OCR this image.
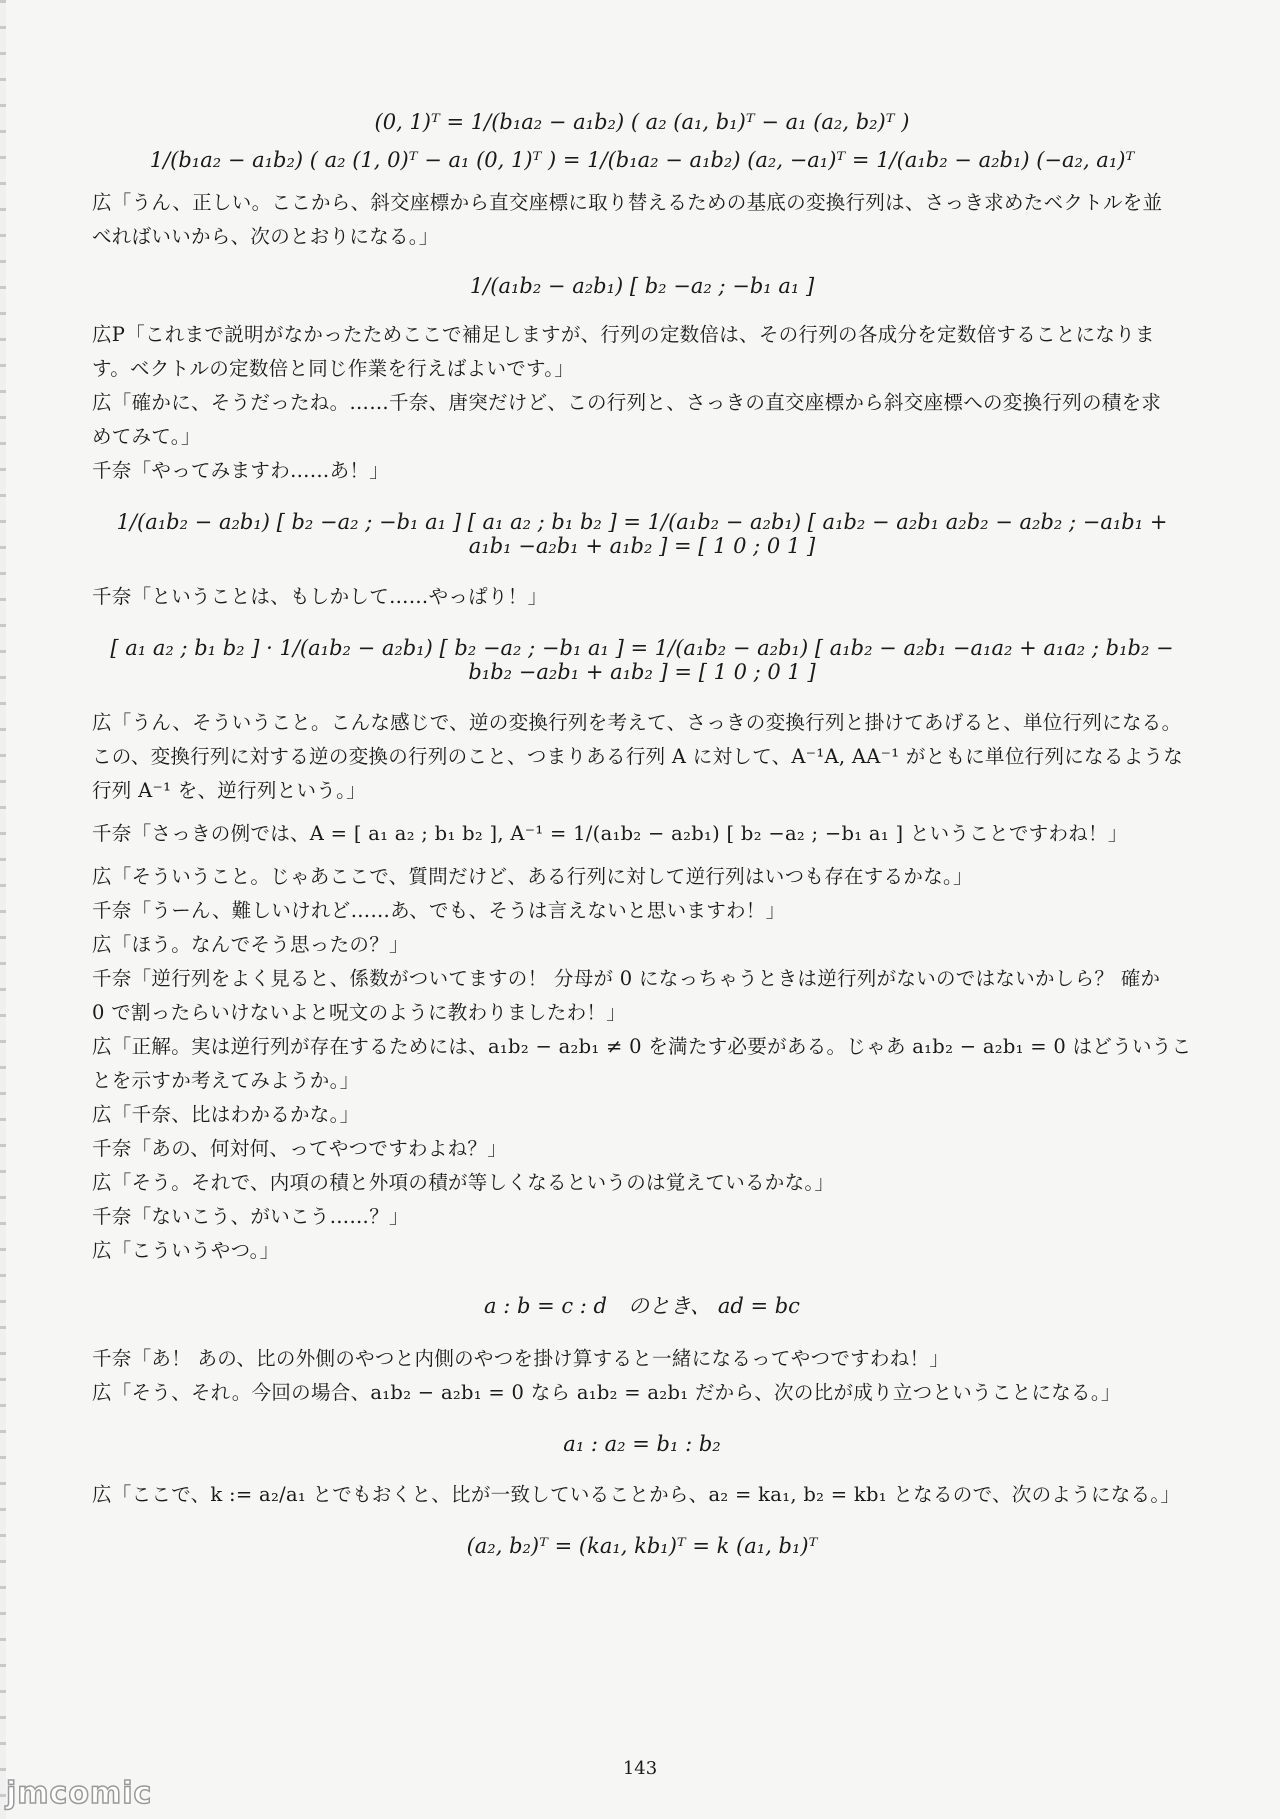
(0, 1)ᵀ = 1/(b₁a₂ − a₁b₂) ( a₂ (a₁, b₁)ᵀ − a₁ (a₂, b₂)ᵀ )
1/(b₁a₂ − a₁b₂) ( a₂ (1, 0)ᵀ − a₁ (0, 1)ᵀ ) = 1/(b₁a₂ − a₁b₂) (a₂, −a₁)ᵀ = 1/(a₁b₂ − a₂b₁) (−a₂, a₁)ᵀ

広「うん、正しい。ここから、斜交座標から直交座標に取り替えるための基底の変換行列は、さっき求めたベクトルを並

べればいいから、次のとおりになる。」

1/(a₁b₂ − a₂b₁) [ b₂ −a₂ ; −b₁ a₁ ]

広P「これまで説明がなかったためここで補足しますが、行列の定数倍は、その行列の各成分を定数倍することになりま

す。ベクトルの定数倍と同じ作業を行えばよいです。」

広「確かに、そうだったね。……千奈、唐突だけど、この行列と、さっきの直交座標から斜交座標への変換行列の積を求

めてみて。」

千奈「やってみますわ……あ！」

1/(a₁b₂ − a₂b₁) [ b₂ −a₂ ; −b₁ a₁ ] [ a₁ a₂ ; b₁ b₂ ] = 1/(a₁b₂ − a₂b₁) [ a₁b₂ − a₂b₁ a₂b₂ − a₂b₂ ; −a₁b₁ + a₁b₁ −a₂b₁ + a₁b₂ ] = [ 1 0 ; 0 1 ]

千奈「ということは、もしかして……やっぱり！」

[ a₁ a₂ ; b₁ b₂ ] · 1/(a₁b₂ − a₂b₁) [ b₂ −a₂ ; −b₁ a₁ ] = 1/(a₁b₂ − a₂b₁) [ a₁b₂ − a₂b₁ −a₁a₂ + a₁a₂ ; b₁b₂ − b₁b₂ −a₂b₁ + a₁b₂ ] = [ 1 0 ; 0 1 ]

広「うん、そういうこと。こんな感じで、逆の変換行列を考えて、さっきの変換行列と掛けてあげると、単位行列になる。

この、変換行列に対する逆の変換の行列のこと、つまりある行列 A に対して、A⁻¹A, AA⁻¹ がともに単位行列になるような

行列 A⁻¹ を、逆行列という。」

千奈「さっきの例では、A = [ a₁ a₂ ; b₁ b₂ ], A⁻¹ = 1/(a₁b₂ − a₂b₁) [ b₂ −a₂ ; −b₁ a₁ ] ということですわね！」

広「そういうこと。じゃあここで、質問だけど、ある行列に対して逆行列はいつも存在するかな。」

千奈「うーん、難しいけれど……あ、でも、そうは言えないと思いますわ！」

広「ほう。なんでそう思ったの？」

千奈「逆行列をよく見ると、係数がついてますの！ 分母が 0 になっちゃうときは逆行列がないのではないかしら？ 確か

0 で割ったらいけないよと呪文のように教わりましたわ！」

広「正解。実は逆行列が存在するためには、a₁b₂ − a₂b₁ ≠ 0 を満たす必要がある。じゃあ a₁b₂ − a₂b₁ = 0 はどういうこ

とを示すか考えてみようか。」

広「千奈、比はわかるかな。」

千奈「あの、何対何、ってやつですわよね？」

広「そう。それで、内項の積と外項の積が等しくなるというのは覚えているかな。」

千奈「ないこう、がいこう……？」

広「こういうやつ。」

a : b = c : d　のとき、 ad = bc

千奈「あ！ あの、比の外側のやつと内側のやつを掛け算すると一緒になるってやつですわね！」

広「そう、それ。今回の場合、a₁b₂ − a₂b₁ = 0 なら a₁b₂ = a₂b₁ だから、次の比が成り立つということになる。」

a₁ : a₂ = b₁ : b₂

広「ここで、k := a₂/a₁ とでもおくと、比が一致していることから、a₂ = ka₁, b₂ = kb₁ となるので、次のようになる。」

(a₂, b₂)ᵀ = (ka₁, kb₁)ᵀ = k (a₁, b₁)ᵀ
143
jmcomic
